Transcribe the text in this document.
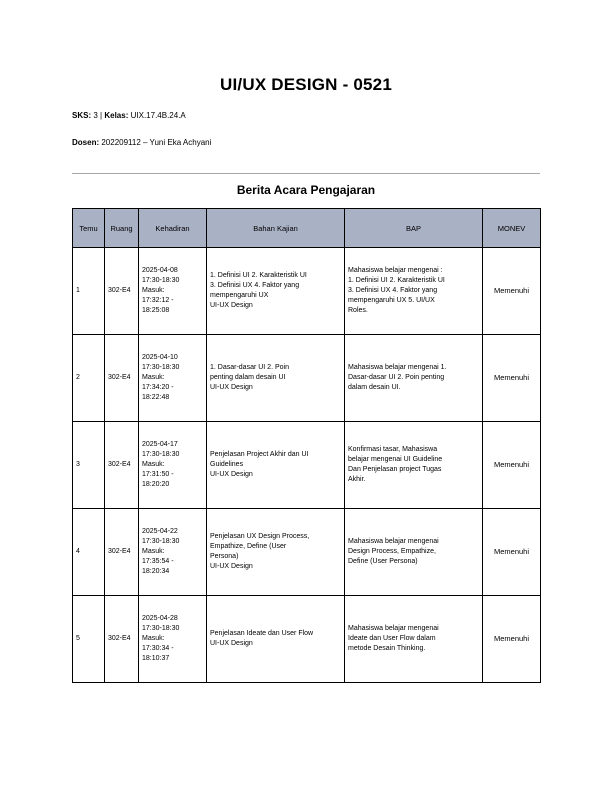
UI/UX DESIGN - 0521
SKS: 3 | Kelas: UIX.17.4B.24.A
Dosen: 202209112 – Yuni Eka Achyani
Berita Acara Pengajaran
Temu	Ruang	Kehadiran	Bahan Kajian	BAP	MONEV
1	302-E4	2025-04-08
17:30-18:30
Masuk:
17:32:12 -
18:25:08	1. Definisi UI 2. Karakteristik UI
3. Definisi UX 4. Faktor yang
mempengaruhi UX
UI-UX Design	Mahasiswa belajar mengenai :
1. Definisi UI 2. Karakteristik UI
3. Definisi UX 4. Faktor yang
mempengaruhi UX 5. UI/UX
Roles.	Memenuhi
2	302-E4	2025-04-10
17:30-18:30
Masuk:
17:34:20 -
18:22:48	1. Dasar-dasar UI 2. Poin
penting dalam desain UI
UI-UX Design	Mahasiswa belajar mengenai 1.
Dasar-dasar UI 2. Poin penting
dalam desain UI.	Memenuhi
3	302-E4	2025-04-17
17:30-18:30
Masuk:
17:31:50 -
18:20:20	Penjelasan Project Akhir dan UI
Guidelines
UI-UX Design	Konfirmasi tasar, Mahasiswa
belajar mengenai UI Guideline
Dan Penjelasan project Tugas
Akhir.	Memenuhi
4	302-E4	2025-04-22
17:30-18:30
Masuk:
17:35:54 -
18:20:34	Penjelasan UX Design Process,
Empathize, Define (User
Persona)
UI-UX Design	Mahasiswa belajar mengenai
Design Process, Empathize,
Define (User Persona)	Memenuhi
5	302-E4	2025-04-28
17:30-18:30
Masuk:
17:30:34 -
18:10:37	Penjelasan Ideate dan User Flow
UI-UX Design	Mahasiswa belajar mengenai
Ideate dan User Flow dalam
metode Desain Thinking.	Memenuhi
